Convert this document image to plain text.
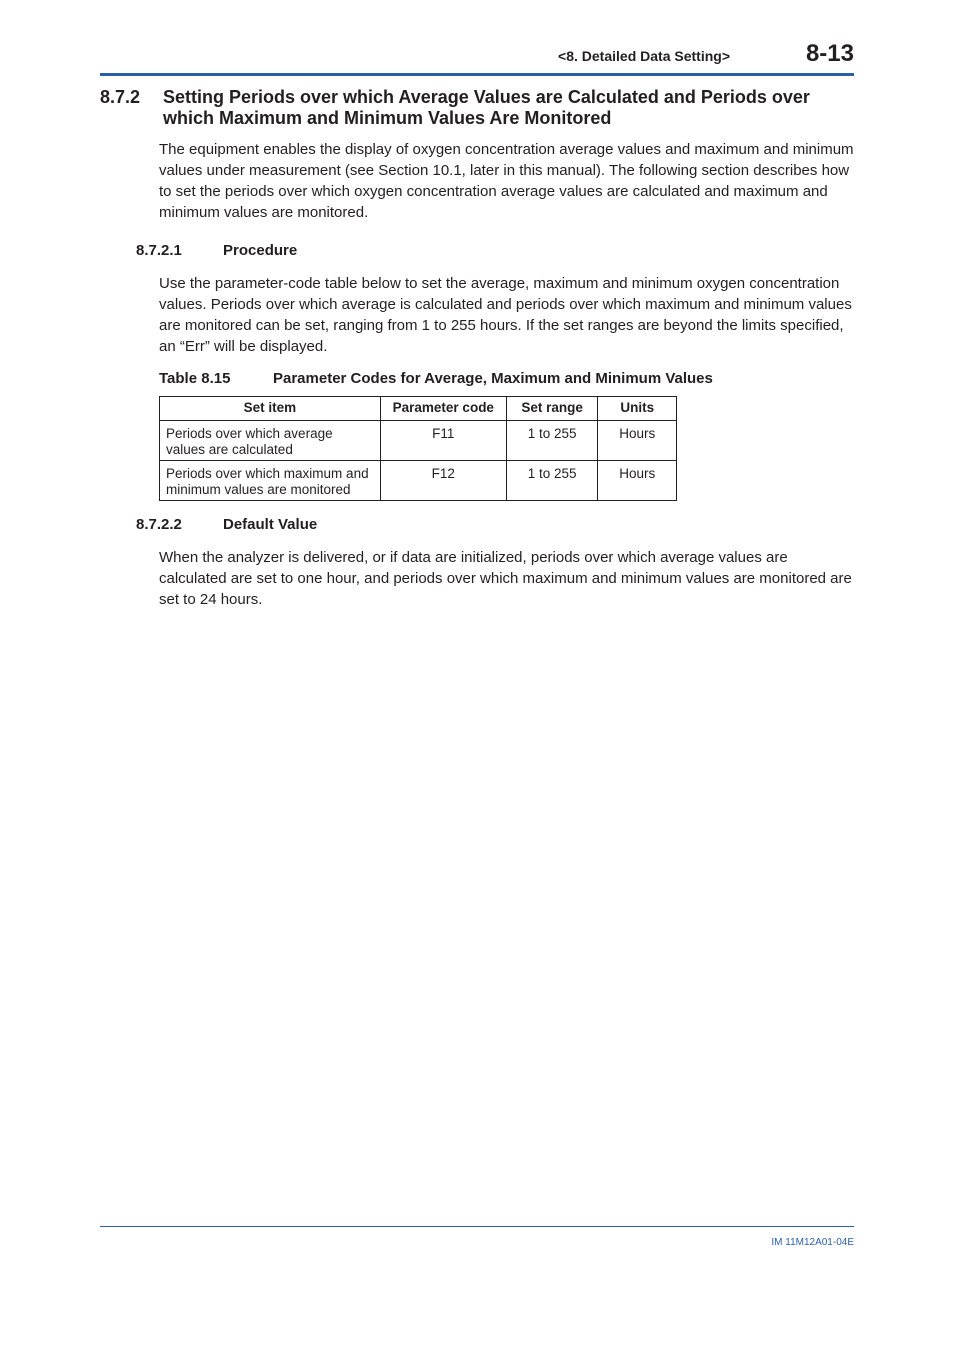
<8. Detailed Data Setting>	8-13
8.7.2 Setting Periods over which Average Values are Calculated and Periods over which Maximum and Minimum Values Are Monitored
The equipment enables the display of oxygen concentration average values and maximum and minimum values under measurement (see Section 10.1, later in this manual). The following section describes how to set the periods over which oxygen concentration average values are calculated and maximum and minimum values are monitored.
8.7.2.1	Procedure
Use the parameter-code table below to set the average, maximum and minimum oxygen concentration values. Periods over which average is calculated and periods over which maximum and minimum values are monitored can be set, ranging from 1 to 255 hours. If the set ranges are beyond the limits specified, an “Err” will be displayed.
Table 8.15	Parameter Codes for Average, Maximum and Minimum Values
Set item	Parameter code	Set range	Units
Periods over which average values are calculated	F11	1 to 255	Hours
Periods over which maximum and minimum values are monitored	F12	1 to 255	Hours
8.7.2.2	Default Value
When the analyzer is delivered, or if data are initialized, periods over which average values are calculated are set to one hour, and periods over which maximum and minimum values are monitored are set to 24 hours.
IM 11M12A01-04E
